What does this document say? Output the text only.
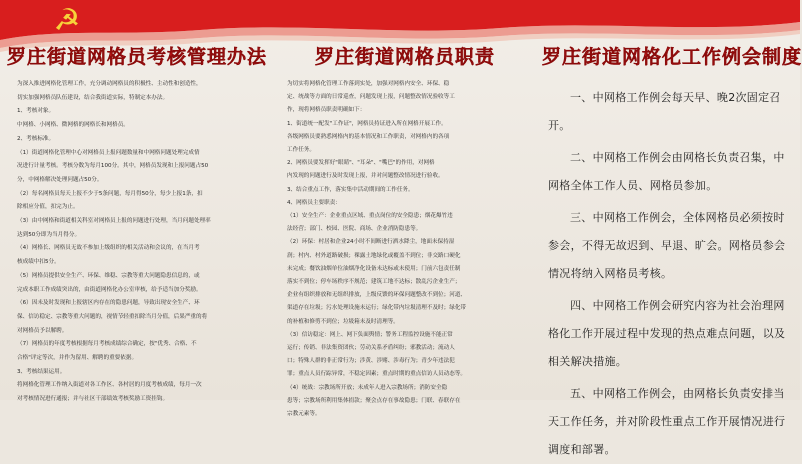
☭
罗庄街道网格员考核管理办法

为深入推进网格化管理工作，充分调动网格员的积极性、主动性和创造性，

切实加强网格员队伍建设，结合我街道实际，特制定本办法。

1、考核对象。

中网格、小网格、微网格的网格长和网格员。

2、考核标准。

（1）街道网格化管理中心对网格员上报问题数量和中网格问题处理完成情

况进行计量考核。考核分数为每月100分。其中，网格员发现和上报问题占50

分，中网格解决处理问题占50分。

（2）每名网格员每天上报不少于5条问题，每月得50分，每少上报1条，扣

除相应分值，扣完为止。

（3）由中网格和街道相关科室对网格员上报的问题进行处理，当月问题处理率

达到50分即为当月得分。

（4）网格长、网格员无故不参加上级组织的相关活动和会议的，在当月考

核成绩中扣5分。

（5）网格员提供安全生产、环保、维稳、宗教等重大问题隐患信息的，或

完成本职工作成绩突出的，由街道网格化办公室审核，给予适当加分奖励。

（6）因未及时发现和上报辖区内存在的隐患问题，导致出现安全生产、环

保、信访稳定、宗教等重大问题的，视情节轻重扣除当月分值，后果严重的将

对网格员予以解聘。

（7）网格员的年度考核根据每月考核成绩综合确定，按"优秀、合格、不

合格"评定等次，并作为留用、解聘的重要依据。

3、考核结果运用。

将网格化管理工作纳入街道对各工作区、各村居的月度考核成绩，每月一次

对考核情况进行通报；并与社区干部绩效考核奖励工资挂钩。

罗庄街道网格员职责

为切实将网格化管理工作落到实处，加强对网格内安全、环保、稳

定、统战等方面的日常巡查，问题发现上报，问题整改情况验收等工

作，现将网格员职责明确如下：

1、街道统一配发"工作证"，网格员持证进入所在网格开展工作。

各级网格员要熟悉网格内的基本情况和工作职责，对网格内的各项

工作任务。

2、网格员要发挥好"眼睛"、"耳朵"、"嘴巴"的作用，对网格

内发现的问题进行及时发现上报，并对问题整改情况进行验收。

3、结合重点工作，落实集中活动期间的工作任务。

4、网格员主要职责：

（1）安全生产：企业重点区域、重点岗位的安全隐患；烟花爆竹违

法经营；部门、校园、医院、商场、企业消防隐患等。

（2）环保：村居和企业24小时不间断进行洒水降尘，地面未保持湿

润；村内、村外道路破损；裸露土地绿化或覆盖不到位；非交路口硬化

未完成；餐饮油烟单位油烟净化设备未达标或未使用；门前六包责任制

落实不到位；停车场秩序不规范；建筑工地不达标；散乱污企业生产；

企业有组织排放和无组织排放，上级反馈的环保问题整改不到位；河道、

渠道存在垃圾；污水处理设施未运行；绿化带内垃圾清理不及时；绿化带

的补植和修剪不到位；垃圾箱未及时清理等。

（3）信访稳定：网上、网下负面舆情；警务工程监控设施不能正常

运行；传销、非法集资团伙；劳动关系矛盾纠纷；邪教活动；流动人

口；特殊人群的非正常行为；涉黄、涉赌、涉毒行为；青少年违法犯

罪；重点人员行踪异常，不稳定因素；重点时期的重点信访人员动态等。

（4）统战：宗教场所开放；未成年人进入宗教场所；消防安全隐

患等；宗教场所利用集体捐款；聚会点存在事故隐患；门联、春联存在

宗教元素等。

罗庄街道网格化工作例会制度

一、中网格工作例会每天早、晚2次固定召开。

二、中网格工作例会由网格长负责召集，中网格全体工作人员、网格员参加。

三、中网格工作例会，全体网格员必须按时参会，不得无故迟到、早退、旷会。网格员参会情况将纳入网格员考核。

四、中网格工作例会研究内容为社会治理网格化工作开展过程中发现的热点难点问题，以及相关解决措施。

五、中网格工作例会，由网格长负责安排当天工作任务，并对阶段性重点工作开展情况进行调度和部署。
